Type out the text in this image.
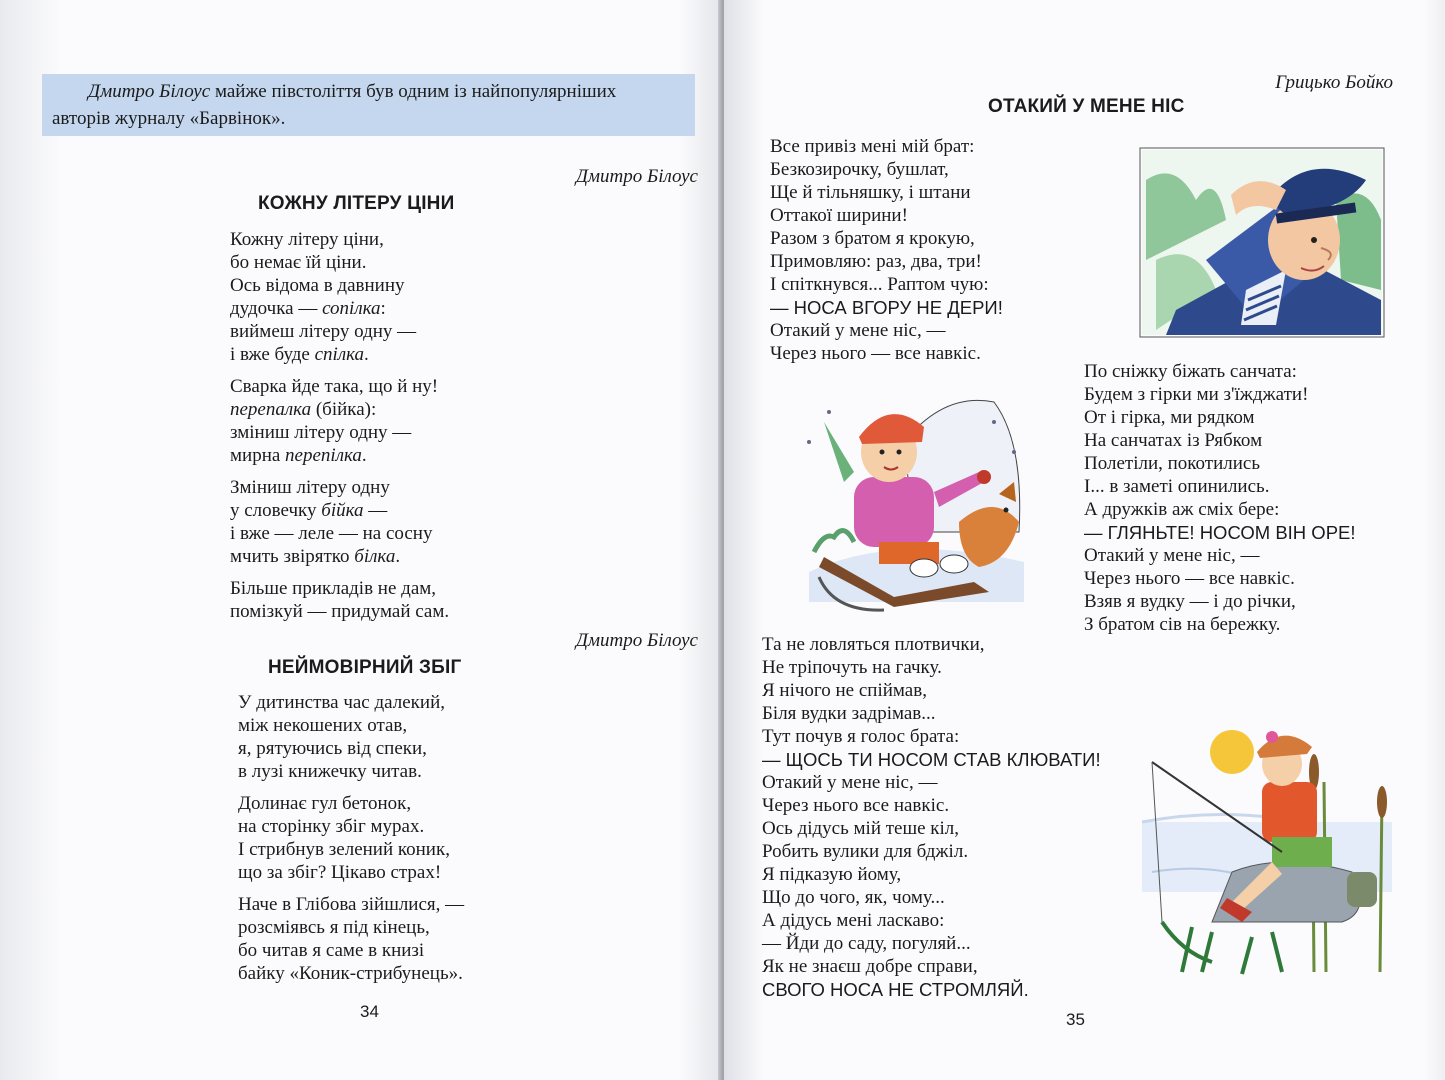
Дмитро Білоус майже півстоліття був одним із найпопулярніших

авторів журналу «Барвінок».

Дмитро Білоус
КОЖНУ ЛІТЕРУ ЦІНИ
Кожну літеру ціни,
бо немає їй ціни.
Ось відома в давнину
дудочка — сопілка:
виймеш літеру одну —
і вже буде спілка.
Сварка йде така, що й ну!
перепалка (бійка):
зміниш літеру одну —
мирна перепілка.
Зміниш літеру одну
у словечку бійка —
і вже — леле — на сосну
мчить звірятко білка.
Більше прикладів не дам,
помізкуй — придумай сам.
Дмитро Білоус
НЕЙМОВІРНИЙ ЗБІГ
У дитинства час далекий,
між некошених отав,
я, рятуючись від спеки,
в лузі книжечку читав.
Долинає гул бетонок,
на сторінку збіг мурах.
І стрибнув зелений коник,
що за збіг? Цікаво страх!
Наче в Глібова зійшлися, —
розсміявсь я під кінець,
бо читав я саме в книзі
байку «Коник-стрибунець».
34
Грицько Бойко
ОТАКИЙ У МЕНЕ НІС
Все привіз мені мій брат:
Безкозирочку, бушлат,
Ще й тільняшку, і штани
Оттакої ширини!
Разом з братом я крокую,
Примовляю: раз, два, три!
І спіткнувся... Раптом чую:
— НОСА ВГОРУ НЕ ДЕРИ!
Отакий у мене ніс, —
Через нього — все навкіс.
По сніжку біжать санчата:
Будем з гірки ми з'їжджати!
От і гірка, ми рядком
На санчатах із Рябком
Полетіли, покотились
І... в заметі опинились.
А дружків аж сміх бере:
— ГЛЯНЬТЕ! НОСОМ ВІН ОРЕ!
Отакий у мене ніс, —
Через нього — все навкіс.
Взяв я вудку — і до річки,
З братом сів на бережку.
Та не ловляться плотвички,
Не тріпочуть на гачку.
Я нічого не спіймав,
Біля вудки задрімав...
Тут почув я голос брата:
— ЩОСЬ ТИ НОСОМ СТАВ КЛЮВАТИ!
Отакий у мене ніс, —
Через нього все навкіс.
Ось дідусь мій теше кіл,
Робить вулики для бджіл.
Я підказую йому,
Що до чого, як, чому...
А дідусь мені ласкаво:
— Йди до саду, погуляй...
Як не знаєш добре справи,
СВОГО НОСА НЕ СТРОМЛЯЙ.
35
